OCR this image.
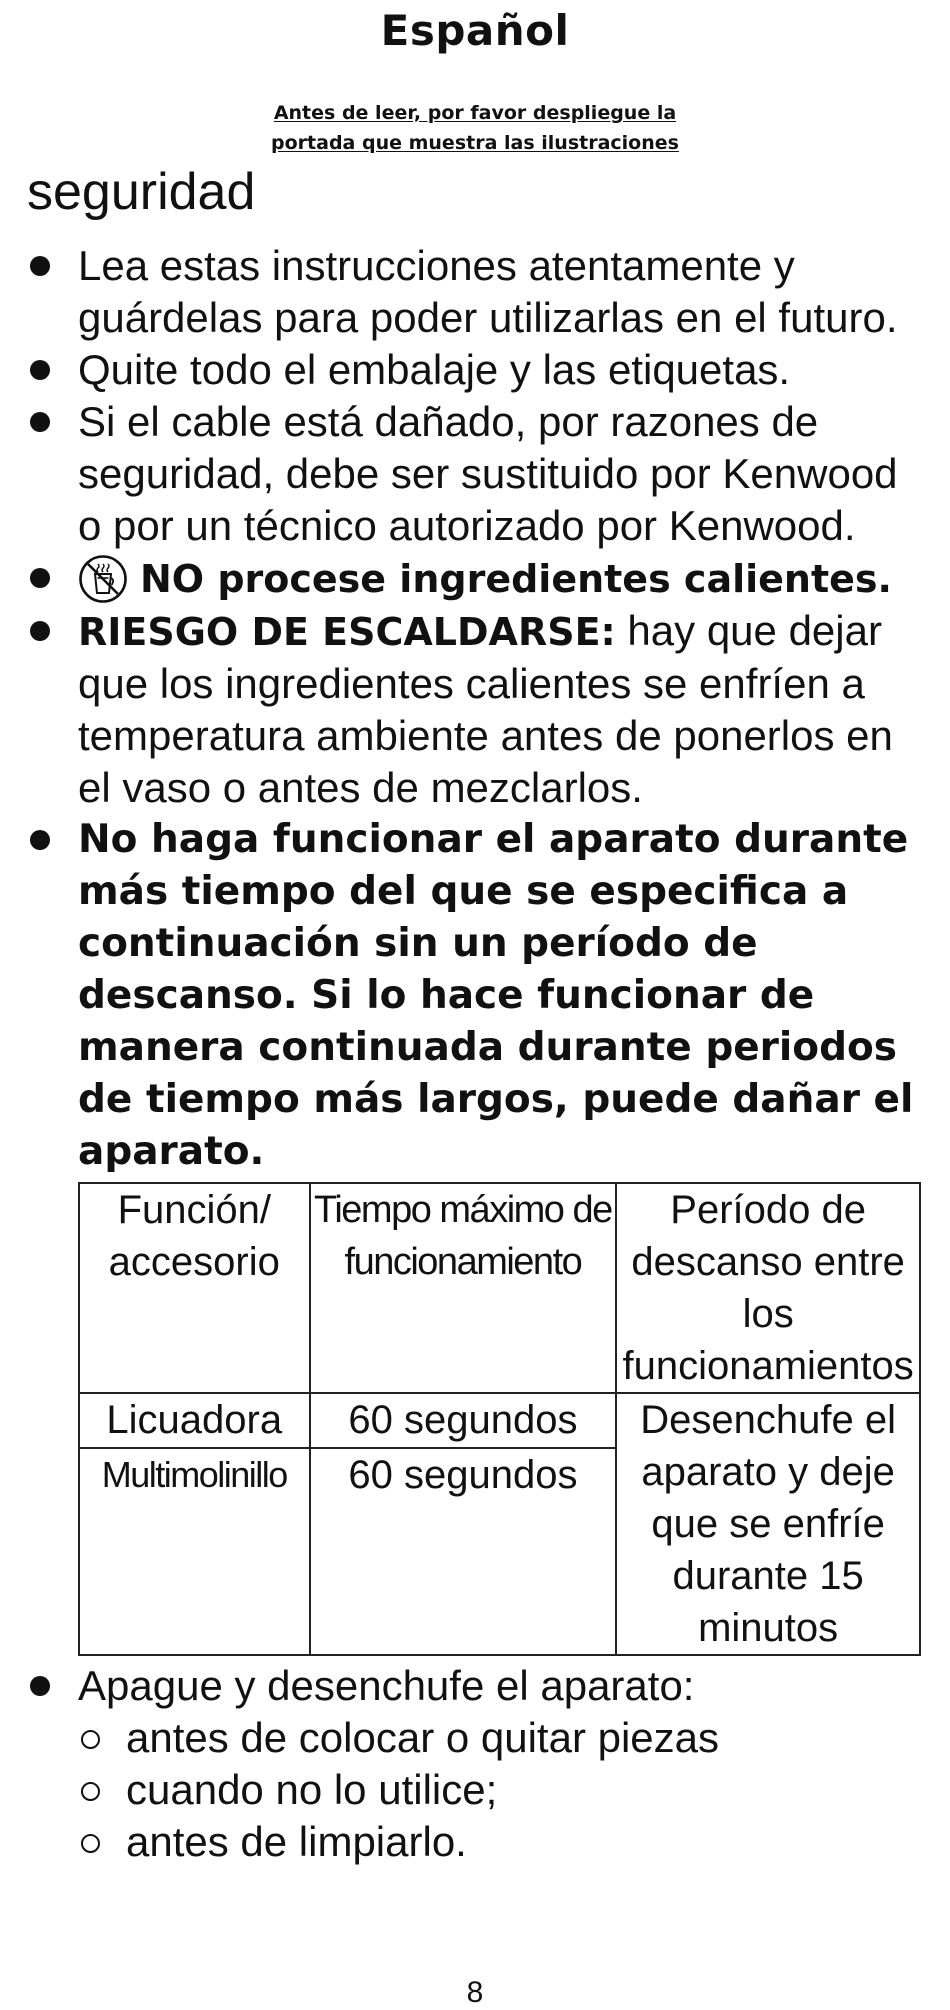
Español
Antes de leer, por favor despliegue la
portada que muestra las ilustraciones
seguridad
Lea estas instrucciones atentamente y guárdelas para poder utilizarlas en el futuro.
Quite todo el embalaje y las etiquetas.
Si el cable está dañado, por razones de seguridad, debe ser sustituido por Kenwood o por un técnico autorizado por Kenwood.
NO procese ingredientes calientes.
RIESGO DE ESCALDARSE: hay que dejar que los ingredientes calientes se enfríen a temperatura ambiente antes de ponerlos en el vaso o antes de mezclarlos.
No haga funcionar el aparato durante más tiempo del que se especifica a continuación sin un período de descanso. Si lo hace funcionar de manera continuada durante periodos de tiempo más largos, puede dañar el aparato.
Función/ accesorio	Tiempo máximo de funcionamiento	Período de descanso entre los funcionamientos
Licuadora	60 segundos	Desenchufe el aparato y deje que se enfríe durante 15 minutos
Multimolinillo	60 segundos	
Apague y desenchufe el aparato:
antes de colocar o quitar piezas
cuando no lo utilice;
antes de limpiarlo.
8
